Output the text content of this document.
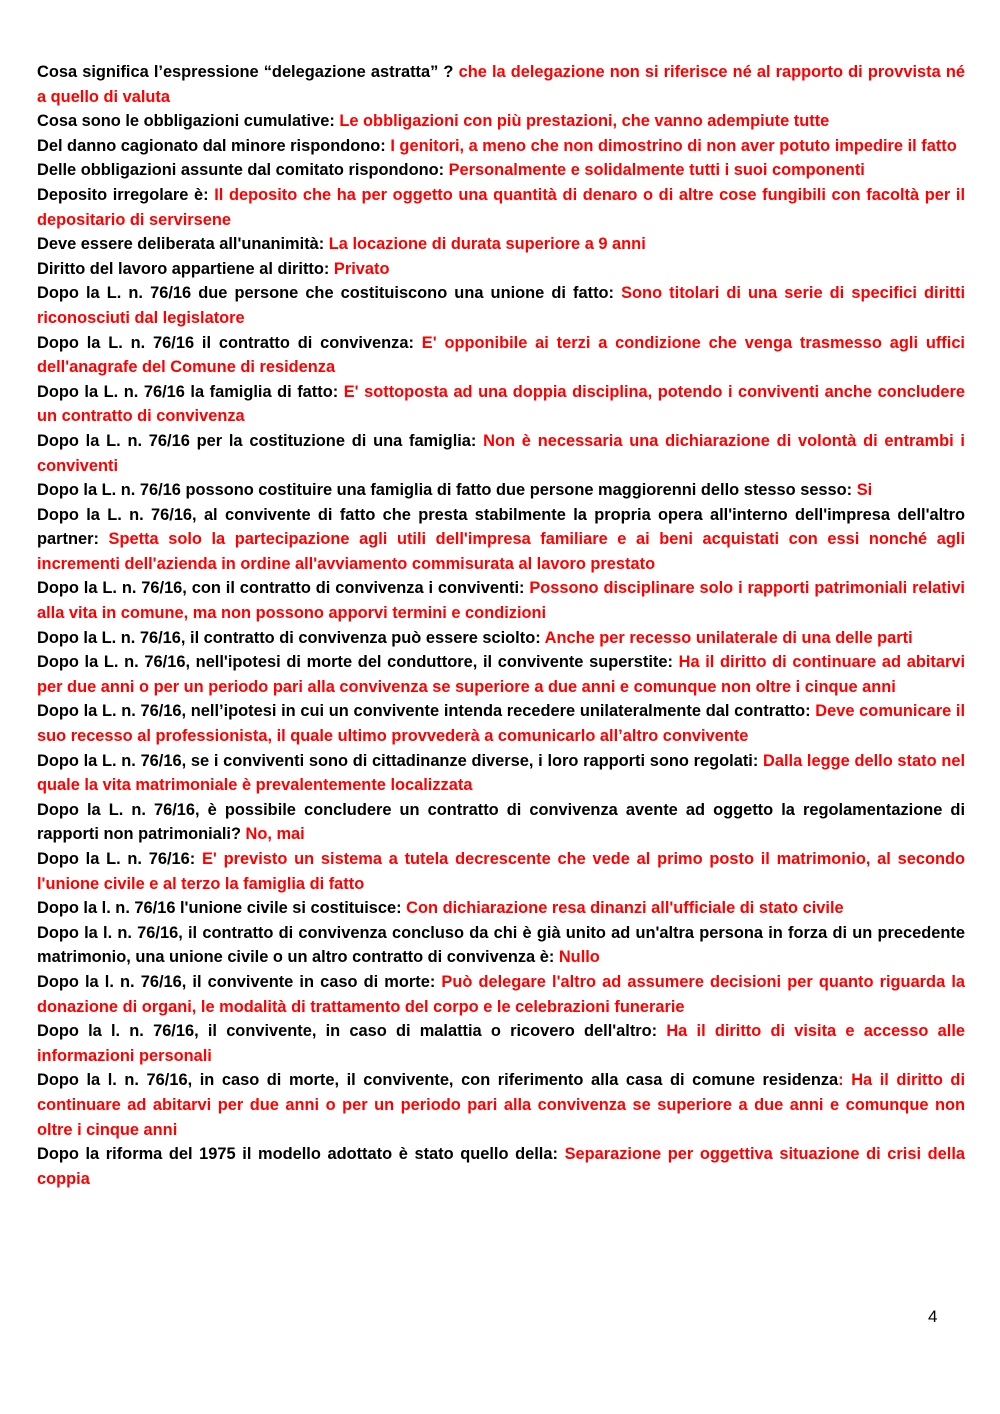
Cosa significa l’espressione “delegazione astratta” ? che la delegazione non si riferisce né al rapporto di provvista né a quello di valuta

Cosa sono le obbligazioni cumulative: Le obbligazioni con più prestazioni, che vanno adempiute tutte

Del danno cagionato dal minore rispondono: I genitori, a meno che non dimostrino di non aver potuto impedire il fatto

Delle obbligazioni assunte dal comitato rispondono: Personalmente e solidalmente tutti i suoi componenti

Deposito irregolare è: Il deposito che ha per oggetto una quantità di denaro o di altre cose fungibili con facoltà per il depositario di servirsene

Deve essere deliberata all'unanimità: La locazione di durata superiore a 9 anni

Diritto del lavoro appartiene al diritto: Privato

Dopo la L. n. 76/16 due persone che costituiscono una unione di fatto: Sono titolari di una serie di specifici diritti riconosciuti dal legislatore

Dopo la L. n. 76/16 il contratto di convivenza: E' opponibile ai terzi a condizione che venga trasmesso agli uffici dell'anagrafe del Comune di residenza

Dopo la L. n. 76/16 la famiglia di fatto: E' sottoposta ad una doppia disciplina, potendo i conviventi anche concludere un contratto di convivenza

Dopo la L. n. 76/16 per la costituzione di una famiglia: Non è necessaria una dichiarazione di volontà di entrambi i conviventi

Dopo la L. n. 76/16 possono costituire una famiglia di fatto due persone maggiorenni dello stesso sesso: Si

Dopo la L. n. 76/16, al convivente di fatto che presta stabilmente la propria opera all'interno dell'impresa dell'altro partner: Spetta solo la partecipazione agli utili dell'impresa familiare e ai beni acquistati con essi nonché agli incrementi dell'azienda in ordine all'avviamento commisurata al lavoro prestato

Dopo la L. n. 76/16, con il contratto di convivenza i conviventi: Possono disciplinare solo i rapporti patrimoniali relativi alla vita in comune, ma non possono apporvi termini e condizioni

Dopo la L. n. 76/16, il contratto di convivenza può essere sciolto: Anche per recesso unilaterale di una delle parti

Dopo la L. n. 76/16, nell'ipotesi di morte del conduttore, il convivente superstite: Ha il diritto di continuare ad abitarvi per due anni o per un periodo pari alla convivenza se superiore a due anni e comunque non oltre i cinque anni

Dopo la L. n. 76/16, nell’ipotesi in cui un convivente intenda recedere unilateralmente dal contratto: Deve comunicare il suo recesso al professionista, il quale ultimo provvederà a comunicarlo all’altro convivente

Dopo la L. n. 76/16, se i conviventi sono di cittadinanze diverse, i loro rapporti sono regolati: Dalla legge dello stato nel quale la vita matrimoniale è prevalentemente localizzata

Dopo la L. n. 76/16, è possibile concludere un contratto di convivenza avente ad oggetto la regolamentazione di rapporti non patrimoniali? No, mai

Dopo la L. n. 76/16: E' previsto un sistema a tutela decrescente che vede al primo posto il matrimonio, al secondo l'unione civile e al terzo la famiglia di fatto

Dopo la l. n. 76/16 l'unione civile si costituisce: Con dichiarazione resa dinanzi all'ufficiale di stato civile

Dopo la l. n. 76/16, il contratto di convivenza concluso da chi è già unito ad un'altra persona in forza di un precedente matrimonio, una unione civile o un altro contratto di convivenza è: Nullo

Dopo la l. n. 76/16, il convivente in caso di morte: Può delegare l'altro ad assumere decisioni per quanto riguarda la donazione di organi, le modalità di trattamento del corpo e le celebrazioni funerarie

Dopo la l. n. 76/16, il convivente, in caso di malattia o ricovero dell'altro: Ha il diritto di visita e accesso alle informazioni personali

Dopo la l. n. 76/16, in caso di morte, il convivente, con riferimento alla casa di comune residenza: Ha il diritto di continuare ad abitarvi per due anni o per un periodo pari alla convivenza se superiore a due anni e comunque non oltre i cinque anni

Dopo la riforma del 1975 il modello adottato è stato quello della: Separazione per oggettiva situazione di crisi della coppia

4
